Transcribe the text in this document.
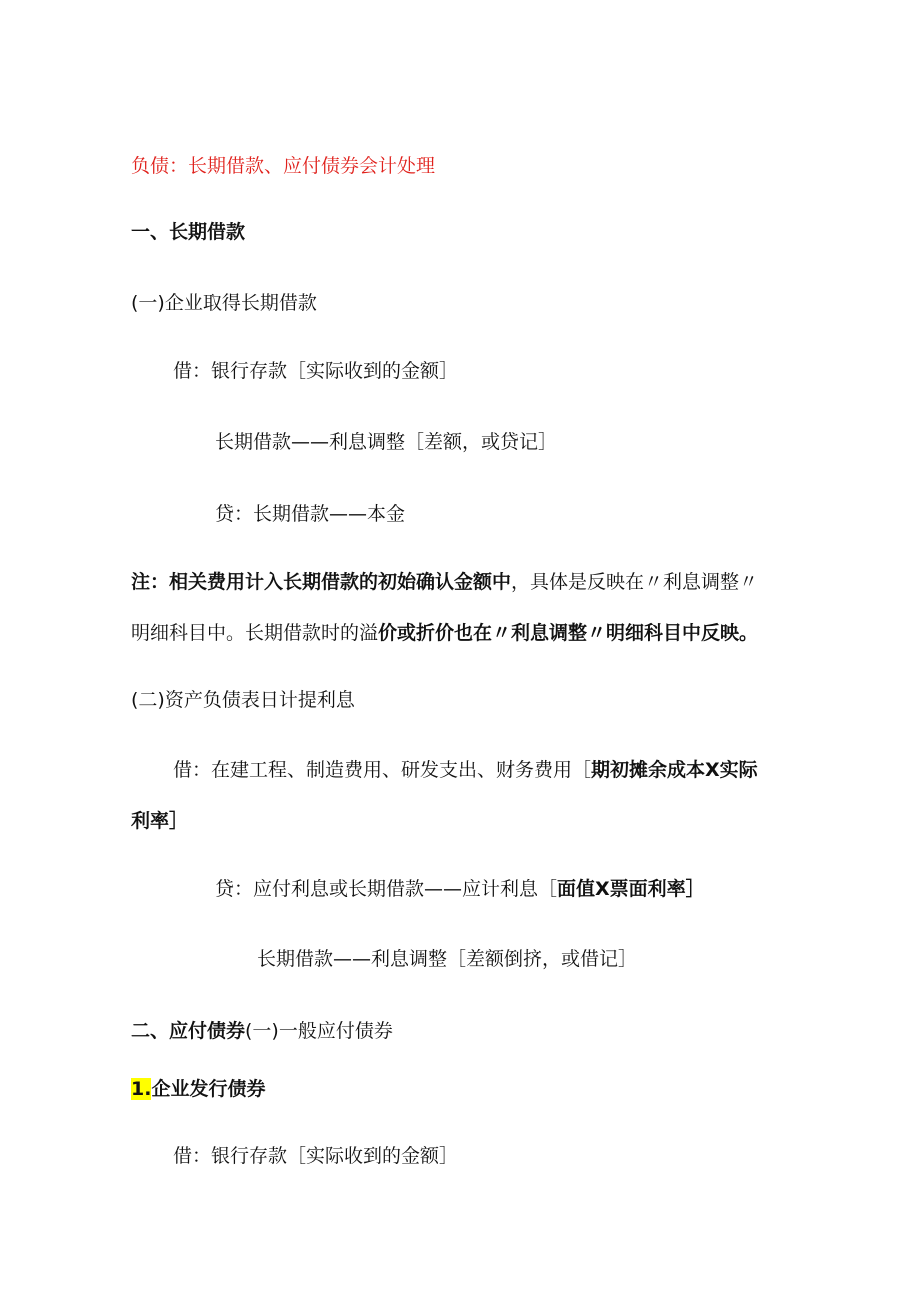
负债：长期借款、应付债券会计处理
一、长期借款
(一)企业取得长期借款
借：银行存款［实际收到的金额］
长期借款——利息调整［差额，或贷记］
贷：长期借款——本金
注：相关费用计入长期借款的初始确认金额中，具体是反映在〃利息调整〃
明细科目中。长期借款时的溢价或折价也在〃利息调整〃明细科目中反映。
(二)资产负债表日计提利息
借：在建工程、制造费用、研发支出、财务费用［期初摊余成本X实际
利率］
贷：应付利息或长期借款——应计利息［面值X票面利率］
长期借款——利息调整［差额倒挤，或借记］
二、应付债券(一)一般应付债券
1.企业发行债券
借：银行存款［实际收到的金额］
